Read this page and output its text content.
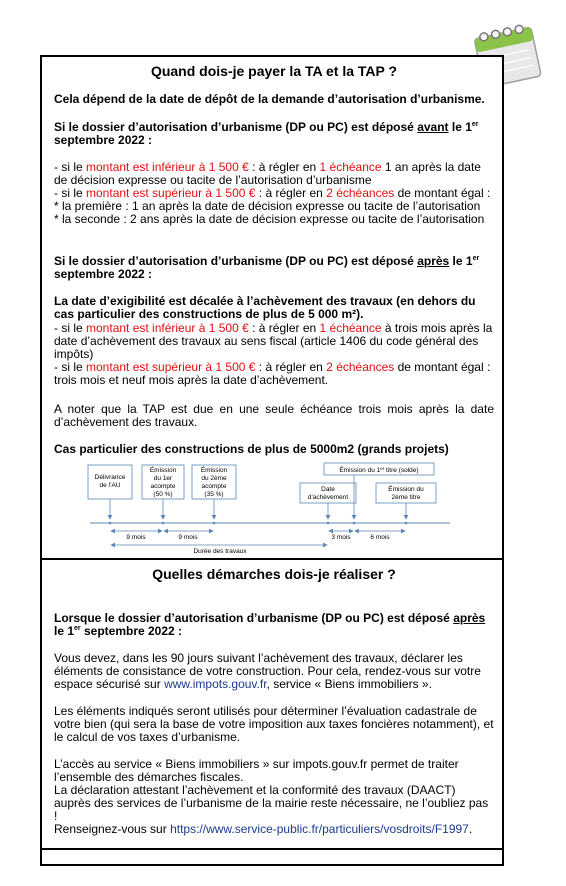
Quand dois-je payer la TA et la TAP ?
Cela dépend de la date de dépôt de la demande d’autorisation d’urbanisme.
Si le dossier d’autorisation d’urbanisme (DP ou PC) est déposé avant le 1er
septembre 2022 :
- si le montant est inférieur à 1 500 € : à régler en 1 échéance 1 an après la date de décision expresse ou tacite de l’autorisation d’urbanisme
- si le montant est supérieur à 1 500 € : à régler en 2 échéances de montant égal :
* la première : 1 an après la date de décision expresse ou tacite de l’autorisation
* la seconde : 2 ans après la date de décision expresse ou tacite de l’autorisation
Si le dossier d’autorisation d’urbanisme (DP ou PC) est déposé après le 1er
septembre 2022 :
La date d’exigibilité est décalée à l’achèvement des travaux (en dehors du cas particulier des constructions de plus de 5 000 m²).
- si le montant est inférieur à 1 500 € : à régler en 1 échéance à trois mois après la date d’achèvement des travaux au sens fiscal (article 1406 du code général des impôts)
- si le montant est supérieur à 1 500 € : à régler en 2 échéances de montant égal : trois mois et neuf mois après la date d’achèvement.
A noter que la TAP est due en une seule échéance trois mois après la date d’achèvement des travaux.
Cas particulier des constructions de plus de 5000m2 (grands projets)
Délivrance
de l’AU
Émission
du 1er
acompte
(50 %)
Émission
du 2ème
acompte
(35 %)
Émission du 1er titre (solde)
Date
d’achèvement
Émission du
2ème titre
9 mois	9 mois	3 mois	6 mois
Durée des travaux
Quelles démarches dois-je réaliser ?
Lorsque le dossier d’autorisation d’urbanisme (DP ou PC) est déposé après
le 1er septembre 2022 :
Vous devez, dans les 90 jours suivant l’achèvement des travaux, déclarer les éléments de consistance de votre construction. Pour cela, rendez-vous sur votre espace sécurisé sur www.impots.gouv.fr, service « Biens immobiliers ».
Les éléments indiqués seront utilisés pour déterminer l’évaluation cadastrale de votre bien (qui sera la base de votre imposition aux taxes foncières notamment), et le calcul de vos taxes d’urbanisme.
L’accès au service « Biens immobiliers » sur impots.gouv.fr permet de traiter l’ensemble des démarches fiscales.
La déclaration attestant l’achèvement et la conformité des travaux (DAACT) auprès des services de l’urbanisme de la mairie reste nécessaire, ne l’oubliez pas !
Renseignez-vous sur https://www.service-public.fr/particuliers/vosdroits/F1997.
